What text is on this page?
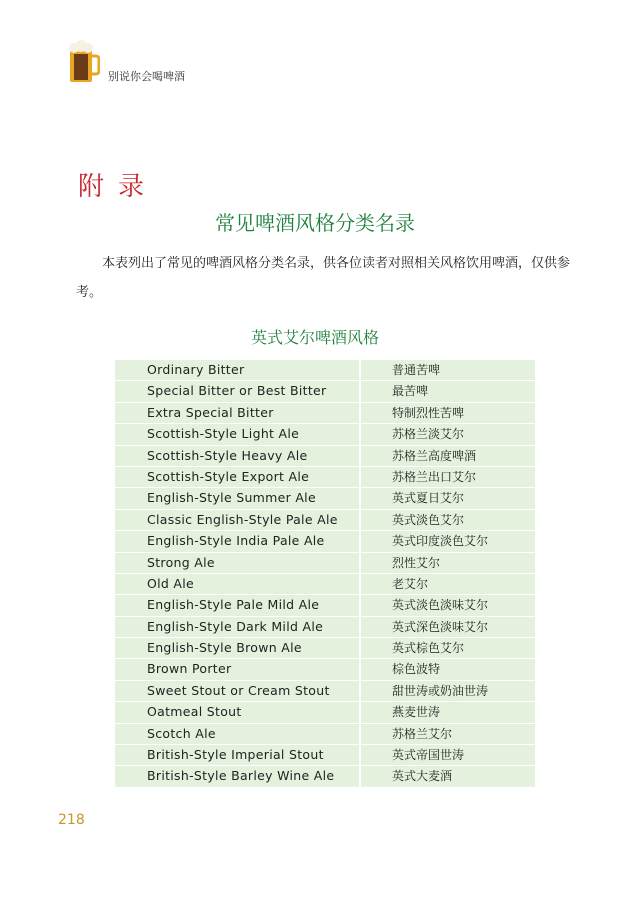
别说你会喝啤酒
附录
常见啤酒风格分类名录

本表列出了常见的啤酒风格分类名录，供各位读者对照相关风格饮用啤酒，仅供参考。

英式艾尔啤酒风格
Ordinary Bitter	普通苦啤
Special Bitter or Best Bitter	最苦啤
Extra Special Bitter	特制烈性苦啤
Scottish-Style Light Ale	苏格兰淡艾尔
Scottish-Style Heavy Ale	苏格兰高度啤酒
Scottish-Style Export Ale	苏格兰出口艾尔
English-Style Summer Ale	英式夏日艾尔
Classic English-Style Pale Ale	英式淡色艾尔
English-Style India Pale Ale	英式印度淡色艾尔
Strong Ale	烈性艾尔
Old Ale	老艾尔
English-Style Pale Mild Ale	英式淡色淡味艾尔
English-Style Dark Mild Ale	英式深色淡味艾尔
English-Style Brown Ale	英式棕色艾尔
Brown Porter	棕色波特
Sweet Stout or Cream Stout	甜世涛或奶油世涛
Oatmeal Stout	燕麦世涛
Scotch Ale	苏格兰艾尔
British-Style Imperial Stout	英式帝国世涛
British-Style Barley Wine Ale	英式大麦酒
218
